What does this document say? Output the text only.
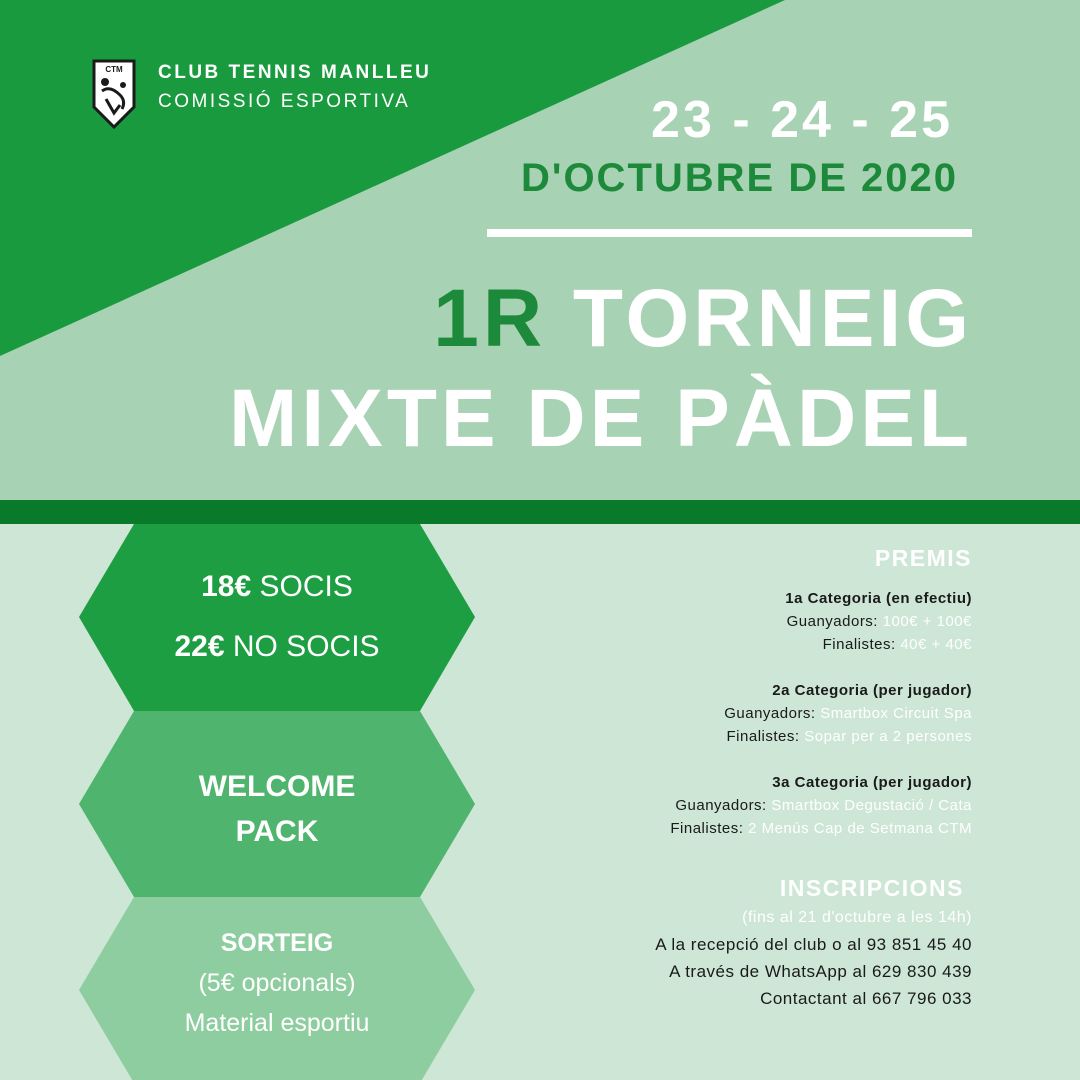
CTM CLUB TENNIS MANLLEU
COMISSIÓ ESPORTIVA	23 - 24 - 25
D'OCTUBRE DE 2020
1R TORNEIG
MIXTE DE PÀDEL
18€ SOCIS
22€ NO SOCIS
WELCOME
PACK
SORTEIG
(5€ opcionals)
Material esportiu
PREMIS
1a Categoria (en efectiu)
Guanyadors: 100€ + 100€
Finalistes: 40€ + 40€
2a Categoria (per jugador)
Guanyadors: Smartbox Circuit Spa
Finalistes: Sopar per a 2 persones
3a Categoria (per jugador)
Guanyadors: Smartbox Degustació / Cata
Finalistes: 2 Menús Cap de Setmana CTM
INSCRIPCIONS
(fins al 21 d'octubre a les 14h)
A la recepció del club o al 93 851 45 40
A través de WhatsApp al 629 830 439
Contactant al 667 796 033
